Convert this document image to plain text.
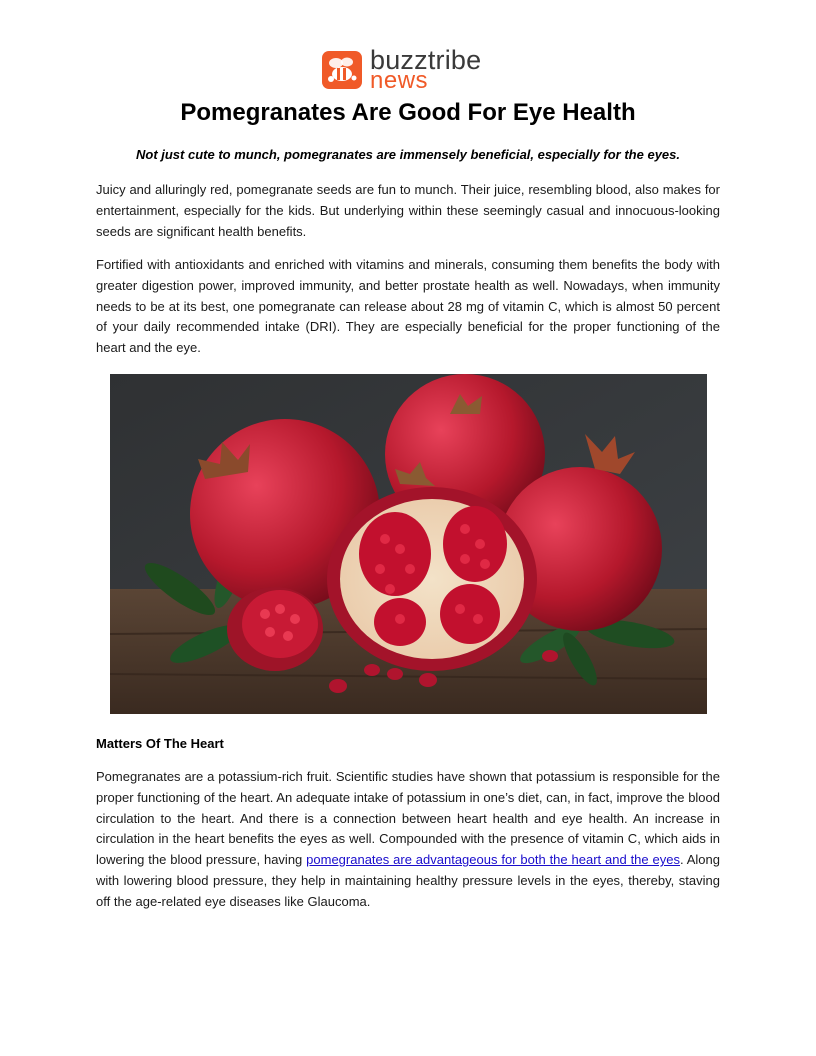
buzztribe
news
Pomegranates Are Good For Eye Health

Not just cute to munch, pomegranates are immensely beneficial, especially for the eyes.

Juicy and alluringly red, pomegranate seeds are fun to munch. Their juice, resembling blood, also makes for entertainment, especially for the kids. But underlying within these seemingly casual and innocuous-looking seeds are significant health benefits.

Fortified with antioxidants and enriched with vitamins and minerals, consuming them benefits the body with greater digestion power, improved immunity, and better prostate health as well. Nowadays, when immunity needs to be at its best, one pomegranate can release about 28 mg of vitamin C, which is almost 50 percent of your daily recommended intake (DRI). They are especially beneficial for the proper functioning of the heart and the eye.

Matters Of The Heart

Pomegranates are a potassium-rich fruit. Scientific studies have shown that potassium is responsible for the proper functioning of the heart. An adequate intake of potassium in one’s diet, can, in fact, improve the blood circulation to the heart. And there is a connection between heart health and eye health. An increase in circulation in the heart benefits the eyes as well. Compounded with the presence of vitamin C, which aids in lowering the blood pressure, having pomegranates are advantageous for both the heart and the eyes. Along with lowering blood pressure, they help in maintaining healthy pressure levels in the eyes, thereby, staving off the age-related eye diseases like Glaucoma.
